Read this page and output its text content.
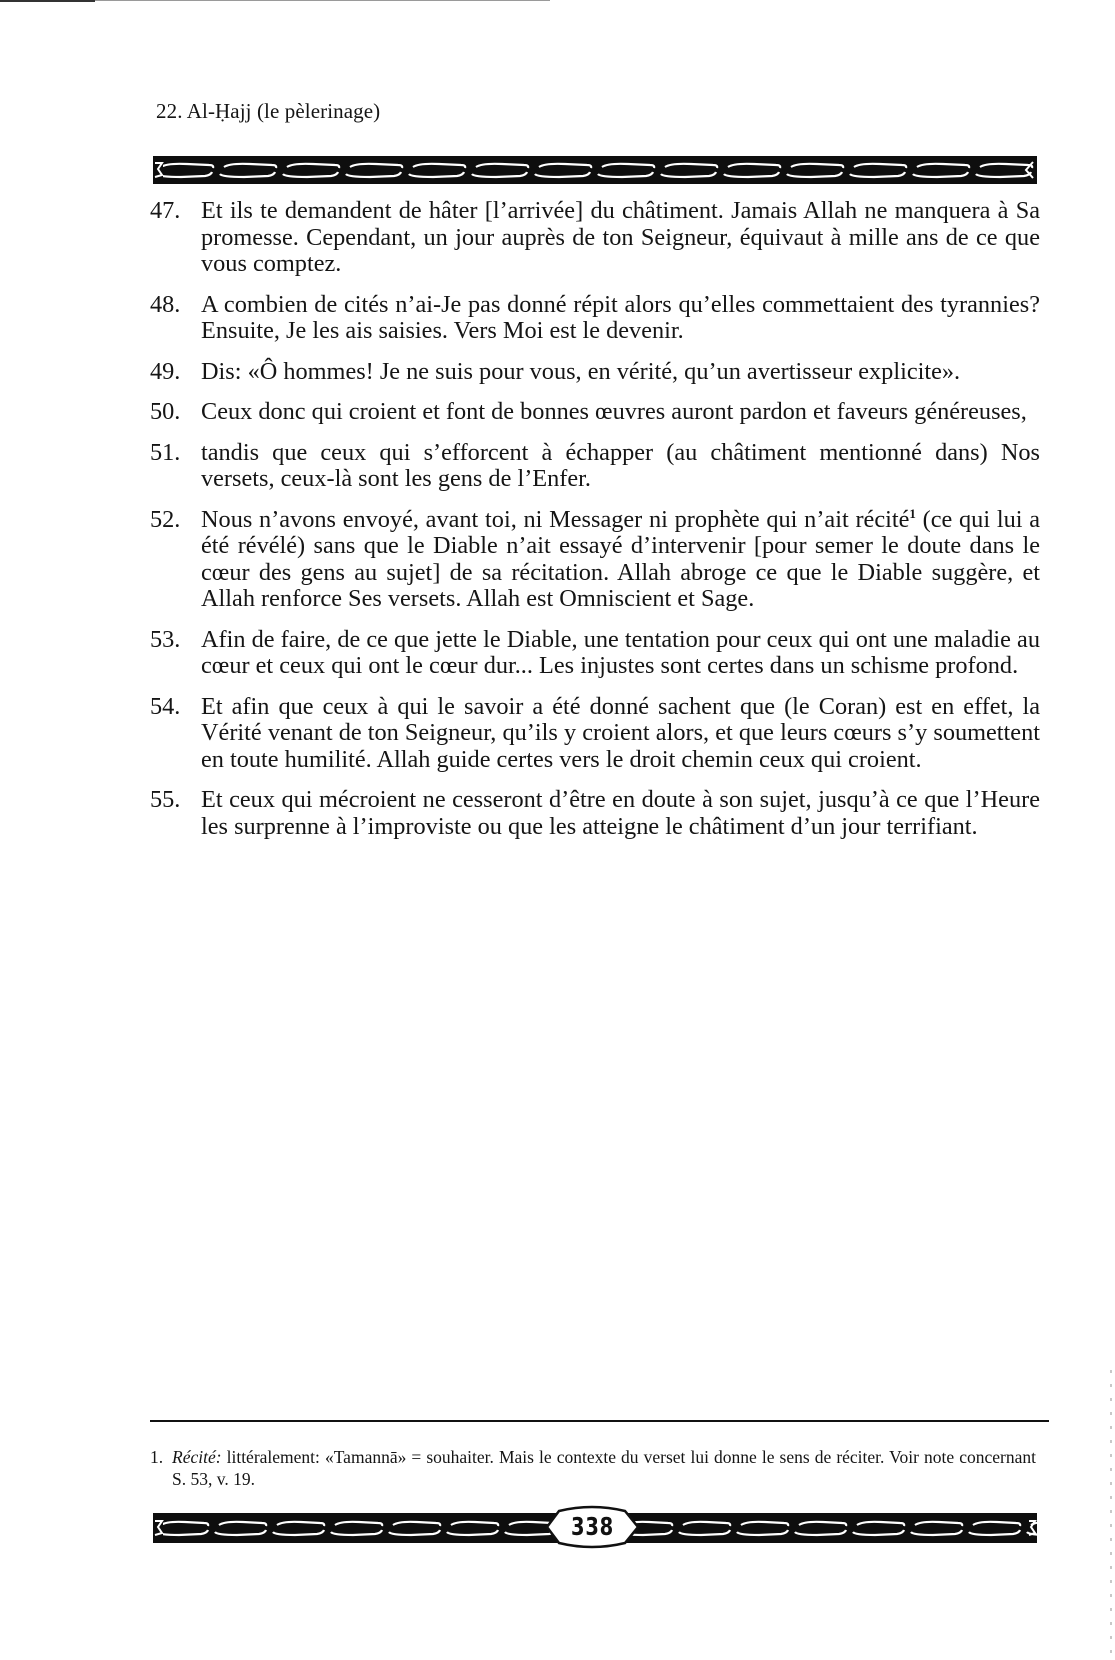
22. Al-Ḥajj (le pèlerinage)
47. Et ils te demandent de hâter [l’arrivée] du châtiment. Jamais Allah ne manquera à Sa promesse. Cependant, un jour auprès de ton Seigneur, équivaut à mille ans de ce que vous comptez.
48. A combien de cités n’ai-Je pas donné répit alors qu’elles commettaient des tyrannies? Ensuite, Je les ais saisies. Vers Moi est le devenir.
49. Dis: «Ô hommes! Je ne suis pour vous, en vérité, qu’un avertisseur explicite».
50. Ceux donc qui croient et font de bonnes œuvres auront pardon et faveurs généreuses,
51. tandis que ceux qui s’efforcent à échapper (au châtiment mentionné dans) Nos versets, ceux-là sont les gens de l’Enfer.
52. Nous n’avons envoyé, avant toi, ni Messager ni prophète qui n’ait récité$^1$ (ce qui lui a été révélé) sans que le Diable n’ait essayé d’intervenir [pour semer le doute dans le cœur des gens au sujet] de sa récitation. Allah abroge ce que le Diable suggère, et Allah renforce Ses versets. Allah est Omniscient et Sage.
53. Afin de faire, de ce que jette le Diable, une tentation pour ceux qui ont une maladie au cœur et ceux qui ont le cœur dur... Les injustes sont certes dans un schisme profond.
54. Et afin que ceux à qui le savoir a été donné sachent que (le Coran) est en effet, la Vérité venant de ton Seigneur, qu’ils y croient alors, et que leurs cœurs s’y soumettent en toute humilité. Allah guide certes vers le droit chemin ceux qui croient.
55. Et ceux qui mécroient ne cesseront d’être en doute à son sujet, jusqu’à ce que l’Heure les surprenne à l’improviste ou que les atteigne le châtiment d’un jour terrifiant.
1. Récité: littéralement: «Tamannā» = souhaiter. Mais le contexte du verset lui donne le sens de réciter. Voir note concernant S. 53, v. 19.
338
